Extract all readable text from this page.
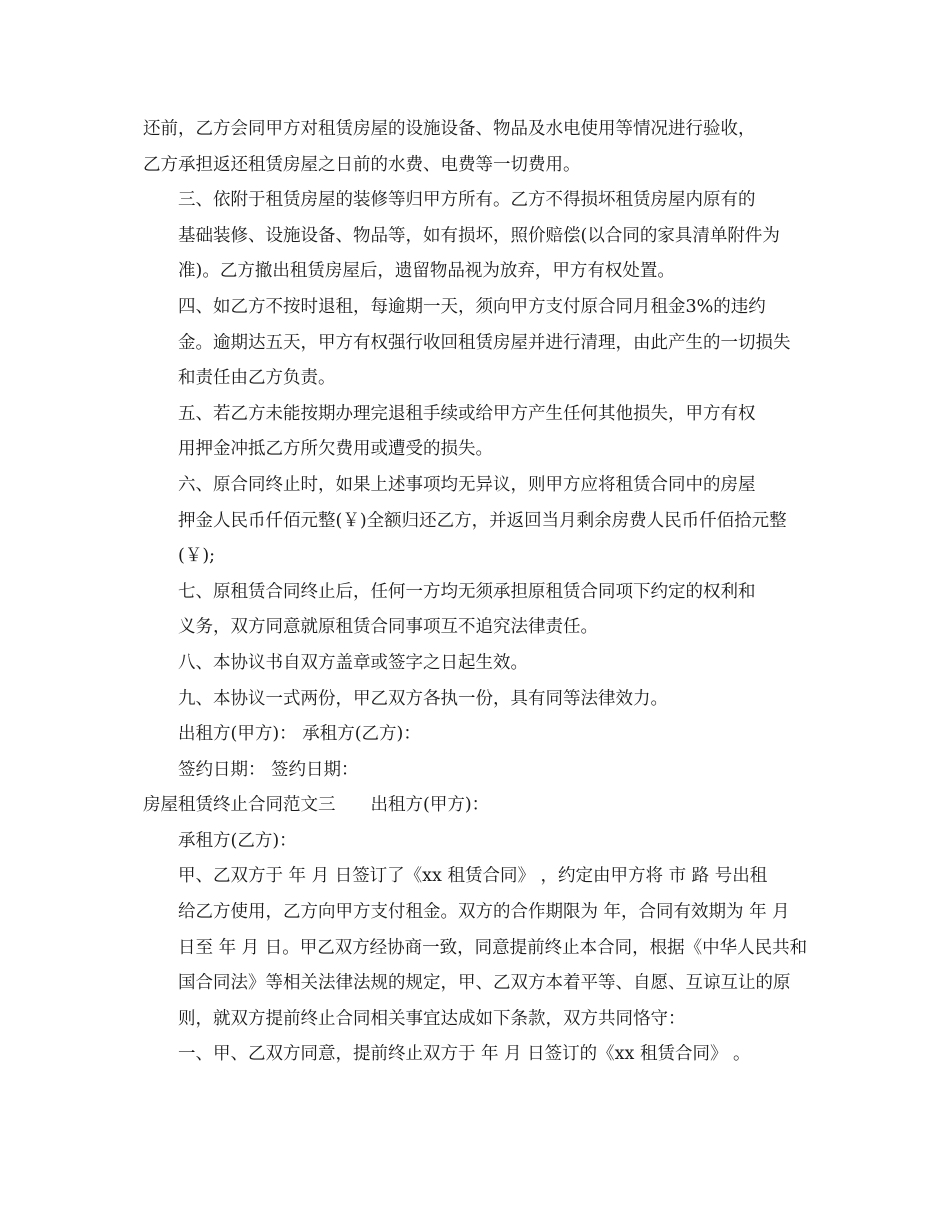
还前，乙方会同甲方对租赁房屋的设施设备、物品及水电使用等情况进行验收，
乙方承担返还租赁房屋之日前的水费、电费等一切费用。
三、依附于租赁房屋的装修等归甲方所有。乙方不得损坏租赁房屋内原有的
基础装修、设施设备、物品等，如有损坏，照价赔偿(以合同的家具清单附件为
准)。乙方撤出租赁房屋后，遗留物品视为放弃，甲方有权处置。
四、如乙方不按时退租，每逾期一天，须向甲方支付原合同月租金3%的违约
金。逾期达五天，甲方有权强行收回租赁房屋并进行清理，由此产生的一切损失
和责任由乙方负责。
五、若乙方未能按期办理完退租手续或给甲方产生任何其他损失，甲方有权
用押金冲抵乙方所欠费用或遭受的损失。
六、原合同终止时，如果上述事项均无异议，则甲方应将租赁合同中的房屋
押金人民币仟佰元整(￥)全额归还乙方，并返回当月剩余房费人民币仟佰拾元整
(￥);
七、原租赁合同终止后，任何一方均无须承担原租赁合同项下约定的权利和
义务，双方同意就原租赁合同事项互不追究法律责任。
八、本协议书自双方盖章或签字之日起生效。
九、本协议一式两份，甲乙双方各执一份，具有同等法律效力。
出租方(甲方)： 承租方(乙方)：
签约日期： 签约日期：
房屋租赁终止合同范文三 出租方(甲方)：
承租方(乙方)：
甲、乙双方于 年 月 日签订了《xx 租赁合同》 ，约定由甲方将 市 路 号出租
给乙方使用，乙方向甲方支付租金。双方的合作期限为 年，合同有效期为 年 月
日至 年 月 日。甲乙双方经协商一致，同意提前终止本合同，根据《中华人民共和
国合同法》等相关法律法规的规定，甲、乙双方本着平等、自愿、互谅互让的原
则，就双方提前终止合同相关事宜达成如下条款，双方共同恪守：
一、甲、乙双方同意，提前终止双方于 年 月 日签订的《xx 租赁合同》 。
